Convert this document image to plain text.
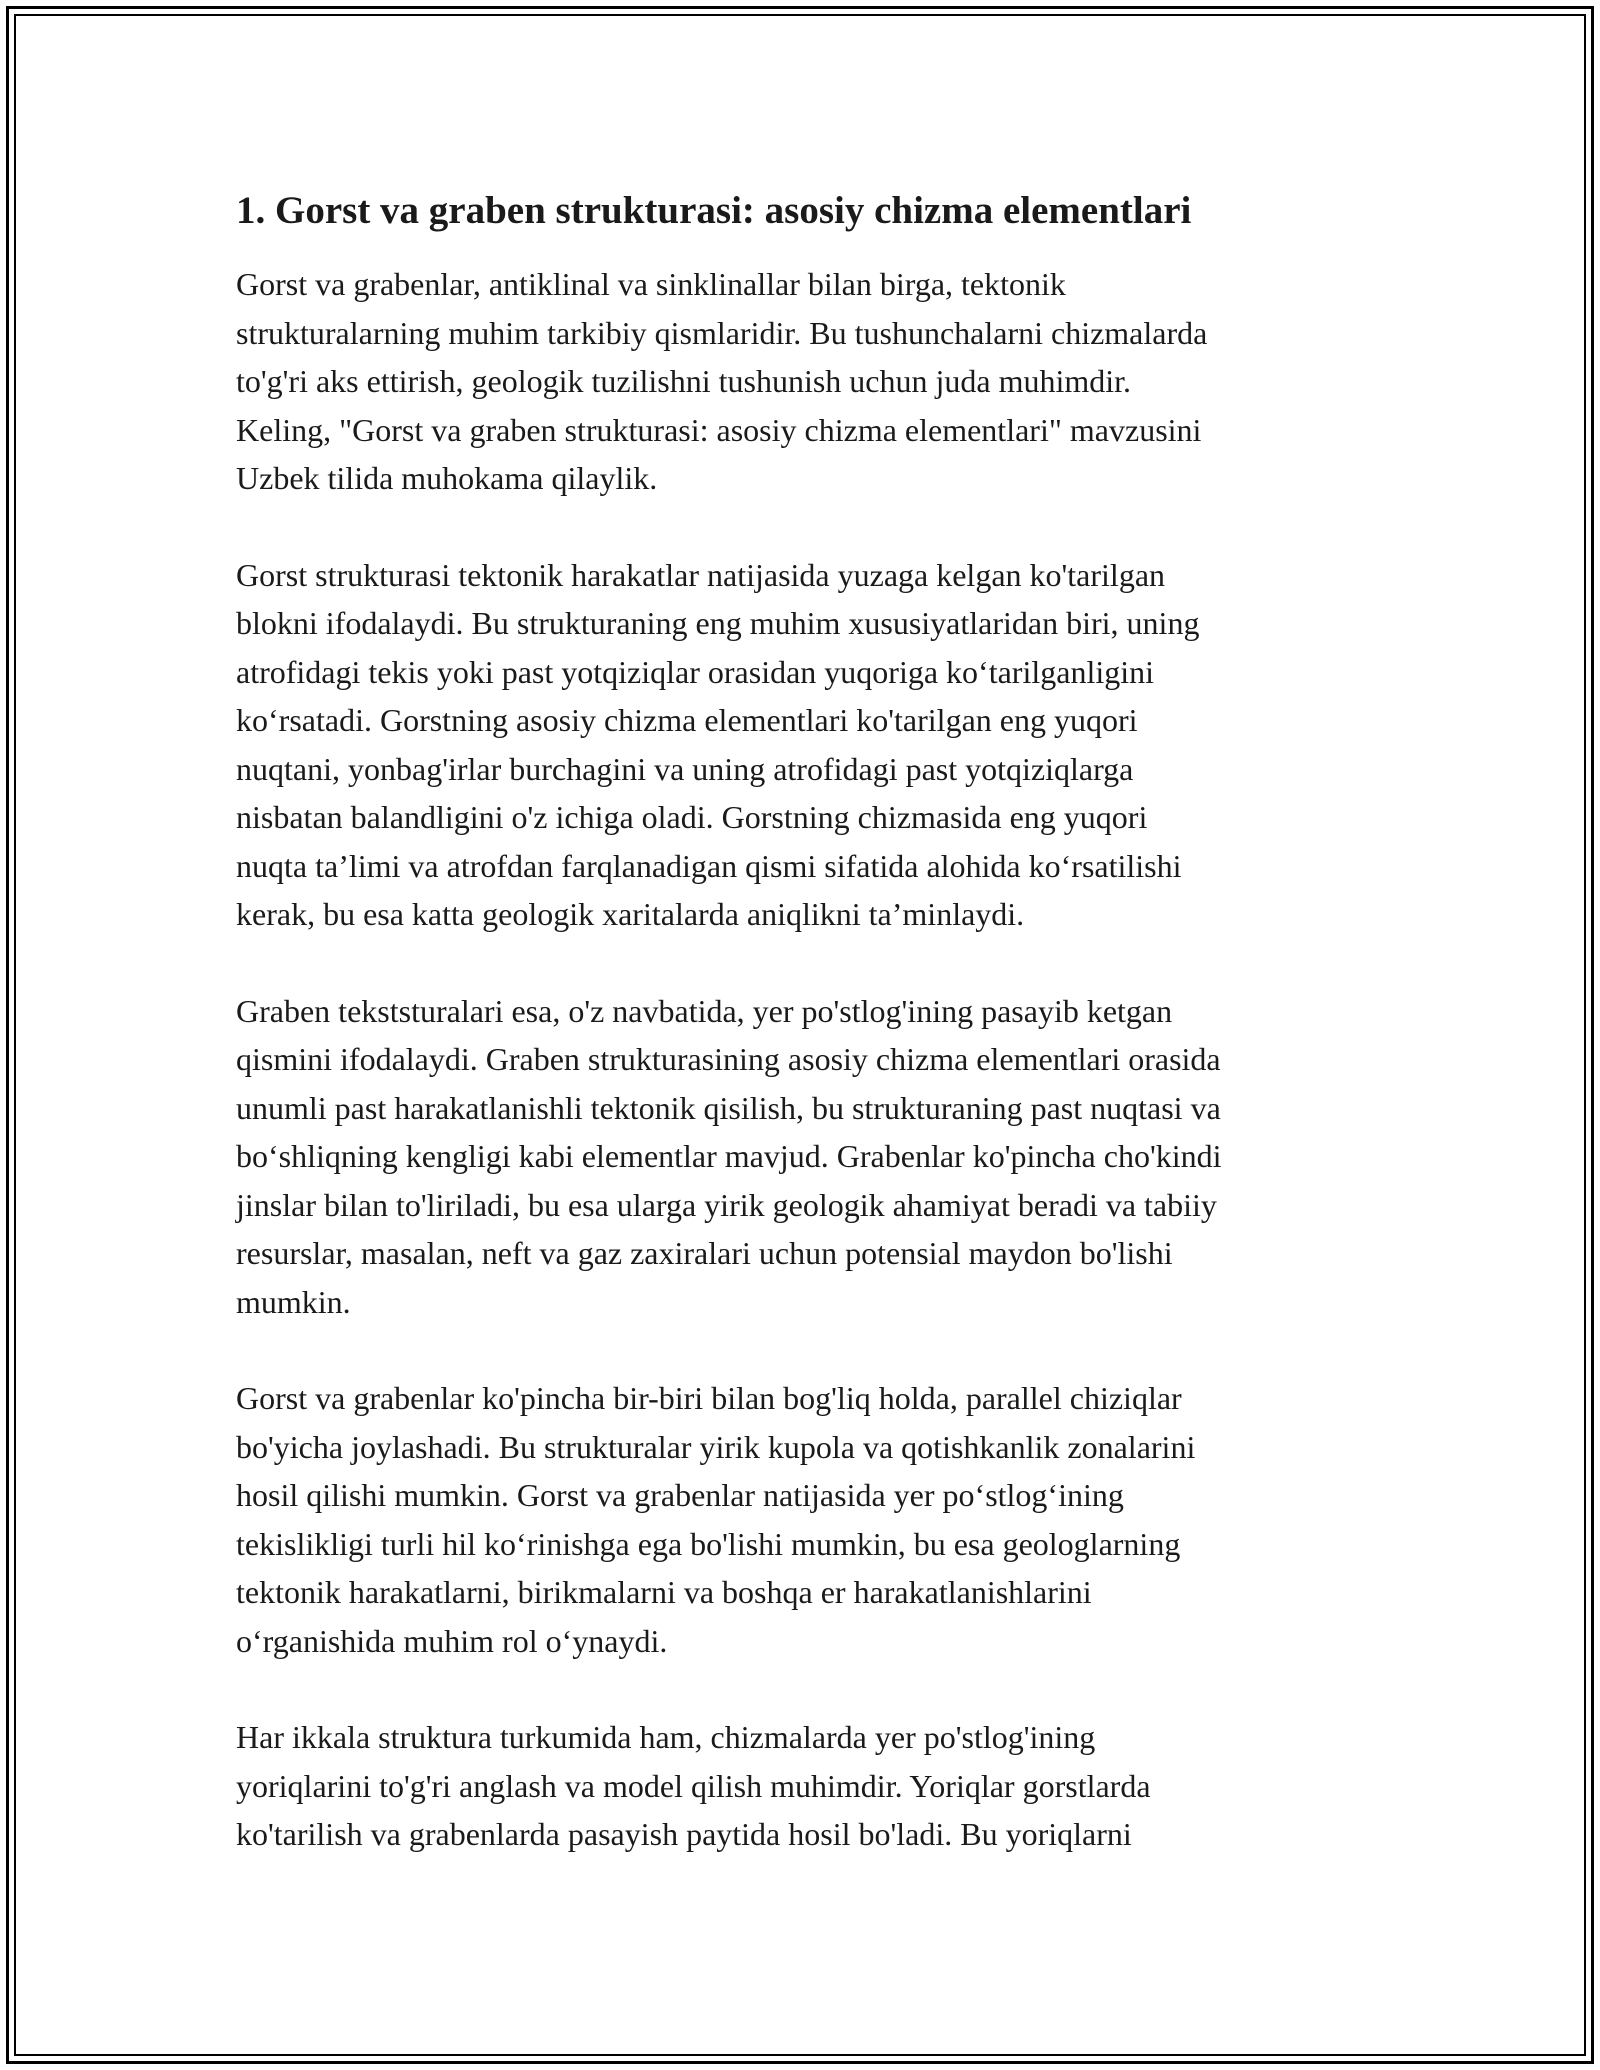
1. Gorst va graben strukturasi: asosiy chizma elementlari

Gorst va grabenlar, antiklinal va sinklinallar bilan birga, tektonik
strukturalarning muhim tarkibiy qismlaridir. Bu tushunchalarni chizmalarda
to'g'ri aks ettirish, geologik tuzilishni tushunish uchun juda muhimdir.
Keling, "Gorst va graben strukturasi: asosiy chizma elementlari" mavzusini
Uzbek tilida muhokama qilaylik.

Gorst strukturasi tektonik harakatlar natijasida yuzaga kelgan ko'tarilgan
blokni ifodalaydi. Bu strukturaning eng muhim xususiyatlaridan biri, uning
atrofidagi tekis yoki past yotqiziqlar orasidan yuqoriga ko‘tarilganligini
ko‘rsatadi. Gorstning asosiy chizma elementlari ko'tarilgan eng yuqori
nuqtani, yonbag'irlar burchagini va uning atrofidagi past yotqiziqlarga
nisbatan balandligini o'z ichiga oladi. Gorstning chizmasida eng yuqori
nuqta ta’limi va atrofdan farqlanadigan qismi sifatida alohida ko‘rsatilishi
kerak, bu esa katta geologik xaritalarda aniqlikni ta’minlaydi.

Graben tekststuralari esa, o'z navbatida, yer po'stlog'ining pasayib ketgan
qismini ifodalaydi. Graben strukturasining asosiy chizma elementlari orasida
unumli past harakatlanishli tektonik qisilish, bu strukturaning past nuqtasi va
bo‘shliqning kengligi kabi elementlar mavjud. Grabenlar ko'pincha cho'kindi
jinslar bilan to'liriladi, bu esa ularga yirik geologik ahamiyat beradi va tabiiy
resurslar, masalan, neft va gaz zaxiralari uchun potensial maydon bo'lishi
mumkin.

Gorst va grabenlar ko'pincha bir-biri bilan bog'liq holda, parallel chiziqlar
bo'yicha joylashadi. Bu strukturalar yirik kupola va qotishkanlik zonalarini
hosil qilishi mumkin. Gorst va grabenlar natijasida yer po‘stlog‘ining
tekislikligi turli hil ko‘rinishga ega bo'lishi mumkin, bu esa geologlarning
tektonik harakatlarni, birikmalarni va boshqa er harakatlanishlarini
o‘rganishida muhim rol o‘ynaydi.

Har ikkala struktura turkumida ham, chizmalarda yer po'stlog'ining
yoriqlarini to'g'ri anglash va model qilish muhimdir. Yoriqlar gorstlarda
ko'tarilish va grabenlarda pasayish paytida hosil bo'ladi. Bu yoriqlarni
